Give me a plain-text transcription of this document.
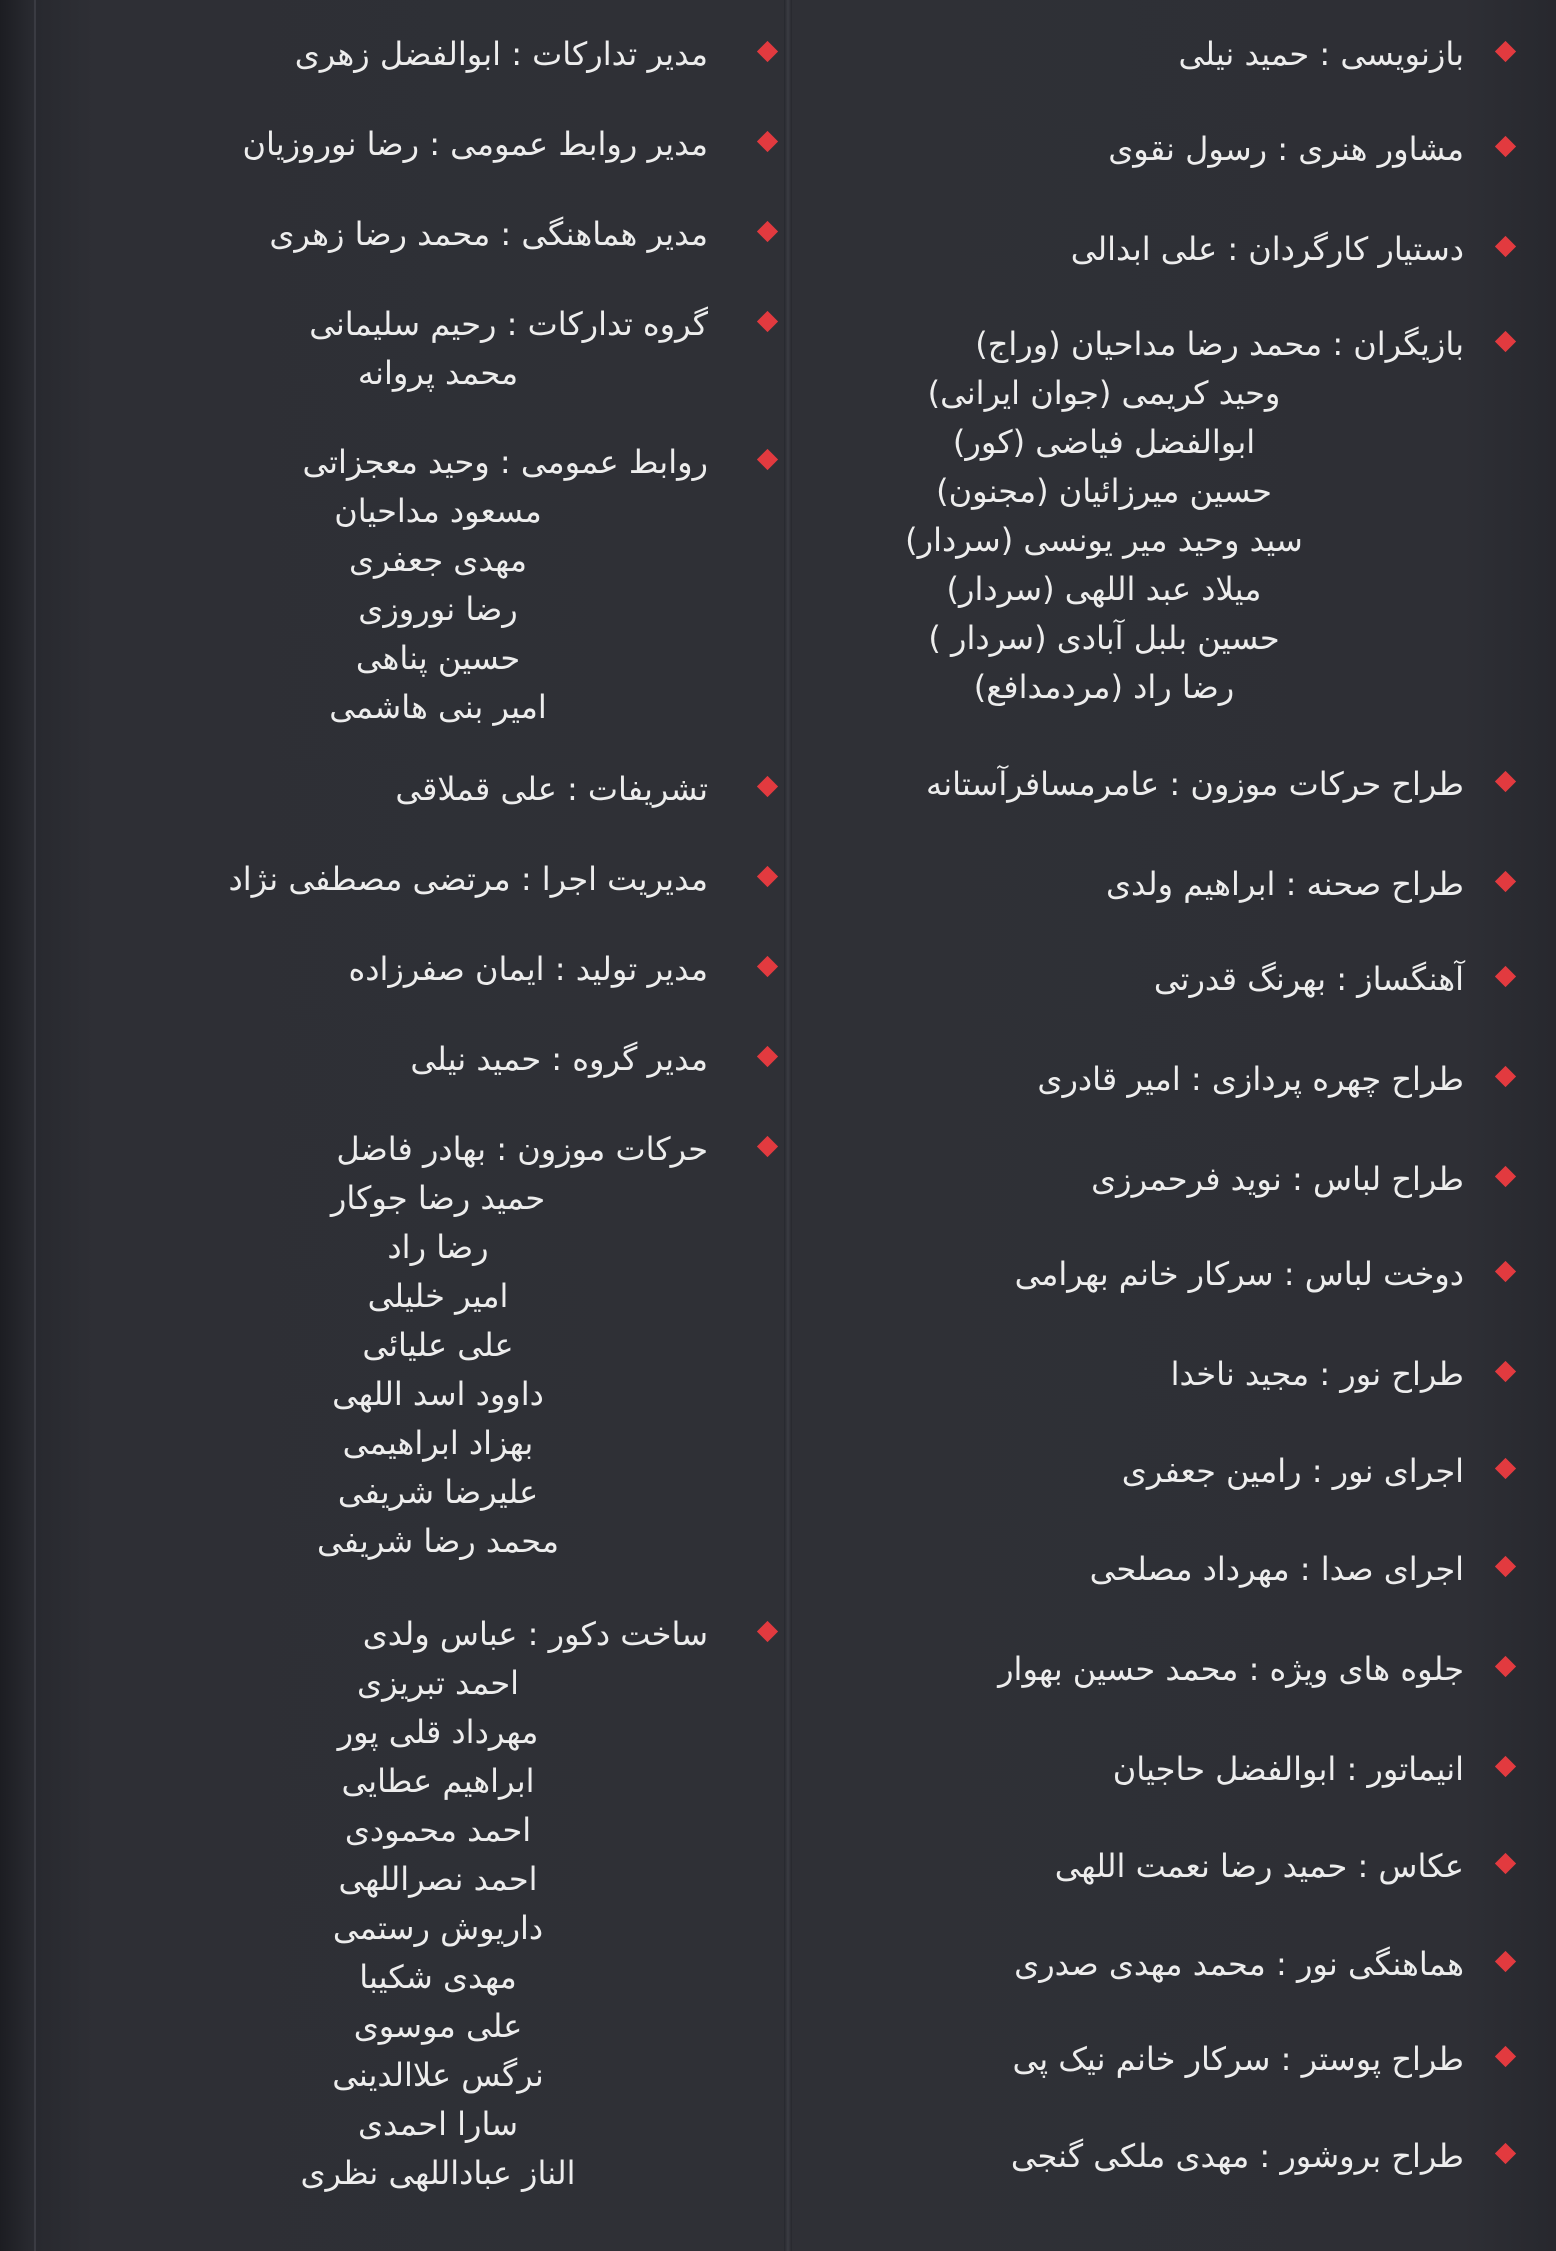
بازنویسی : حمید نیلی
مشاور هنری : رسول نقوی
دستیار کارگردان : علی ابدالی
بازیگران : محمد رضا مداحیان (وراج)
وحید کریمی (جوان ایرانی)
ابوالفضل فیاضی (کور)
حسین میرزائیان (مجنون)
سید وحید میر یونسی (سردار)
میلاد عبد اللهی (سردار)
حسین بلبل آبادی (سردار )
رضا راد (مردمدافع)
طراح حرکات موزون : عامرمسافرآستانه
طراح صحنه : ابراهیم ولدی
آهنگساز : بهرنگ قدرتی
طراح چهره پردازی : امیر قادری
طراح لباس : نوید فرحمرزی
دوخت لباس : سرکار خانم بهرامی
طراح نور : مجید ناخدا
اجرای نور : رامین جعفری
اجرای صدا : مهرداد مصلحی
جلوه های ویژه : محمد حسین بهوار
انیماتور : ابوالفضل حاجیان
عکاس : حمید رضا نعمت اللهی
هماهنگی نور : محمد مهدی صدری
طراح پوستر : سرکار خانم نیک پی
طراح بروشور : مهدی ملکی گنجی
مدیر تدارکات : ابوالفضل زهری
مدیر روابط عمومی : رضا نوروزیان
مدیر هماهنگی : محمد رضا زهری
گروه تدارکات : رحیم سلیمانی
محمد پروانه
روابط عمومی : وحید معجزاتی
مسعود مداحیان
مهدی جعفری
رضا نوروزی
حسین پناهی
امیر بنی هاشمی
تشریفات : علی قملاقی
مدیریت اجرا : مرتضی مصطفی نژاد
مدیر تولید : ایمان صفرزاده
مدیر گروه : حمید نیلی
حرکات موزون : بهادر فاضل
حمید رضا جوکار
رضا راد
امیر خلیلی
علی علیائی
داوود اسد اللهی
بهزاد ابراهیمی
علیرضا شریفی
محمد رضا شریفی
ساخت دکور : عباس ولدی
احمد تبریزی
مهرداد قلی پور
ابراهیم عطایی
احمد محمودی
احمد نصراللهی
داریوش رستمی
مهدی شکیبا
علی موسوی
نرگس علاالدینی
سارا احمدی
الناز عباداللهی نظری
